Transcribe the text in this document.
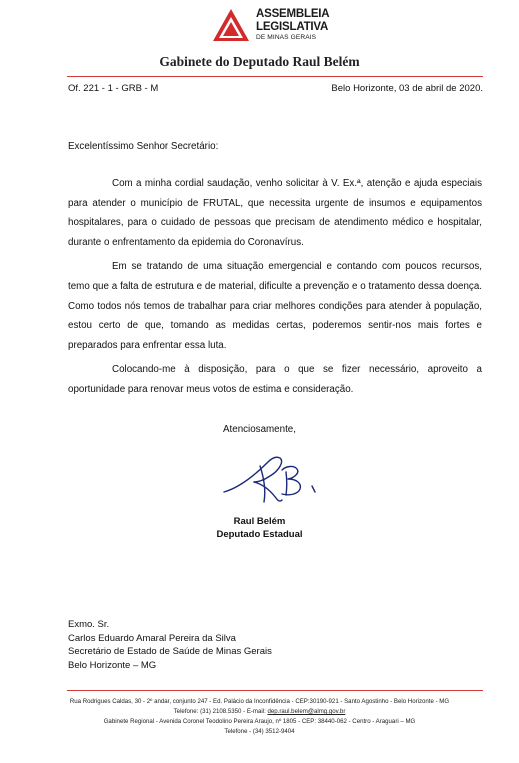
ASSEMBLEIA
LEGISLATIVA
DE MINAS GERAIS
Gabinete do Deputado Raul Belém
Of. 221 - 1 - GRB - M	Belo Horizonte, 03 de abril de 2020.
Excelentíssimo Senhor Secretário:

Com a minha cordial saudação, venho solicitar à V. Ex.ª, atenção e ajuda especiais para atender o município de FRUTAL, que necessita urgente de insumos e equipamentos hospitalares, para o cuidado de pessoas que precisam de atendimento médico e hospitalar, durante o enfrentamento da epidemia do Coronavírus.

Em se tratando de uma situação emergencial e contando com poucos recursos, temo que a falta de estrutura e de material, dificulte a prevenção e o tratamento dessa doença. Como todos nós temos de trabalhar para criar melhores condições para atender à população, estou certo de que, tomando as medidas certas, poderemos sentir-nos mais fortes e preparados para enfrentar essa luta.

Colocando-me à disposição, para o que se fizer necessário, aproveito a oportunidade para renovar meus votos de estima e consideração.

Atenciosamente,
Raul Belém
Deputado Estadual
Exmo. Sr.
Carlos Eduardo Amaral Pereira da Silva
Secretário de Estado de Saúde de Minas Gerais
Belo Horizonte – MG
Rua Rodrigues Caldas, 30 - 2º andar, conjunto 247 - Ed. Palácio da Inconfidência - CEP:30190-921 - Santo Agostinho - Belo Horizonte - MG
Telefone: (31) 2108.5350 - E-mail: dep.raul.belem@almg.gov.br
Gabinete Regional - Avenida Coronel Teodolino Pereira Araujo, nº 1805 - CEP: 38440-062 - Centro - Araguari – MG
Telefone - (34) 3512-9404
